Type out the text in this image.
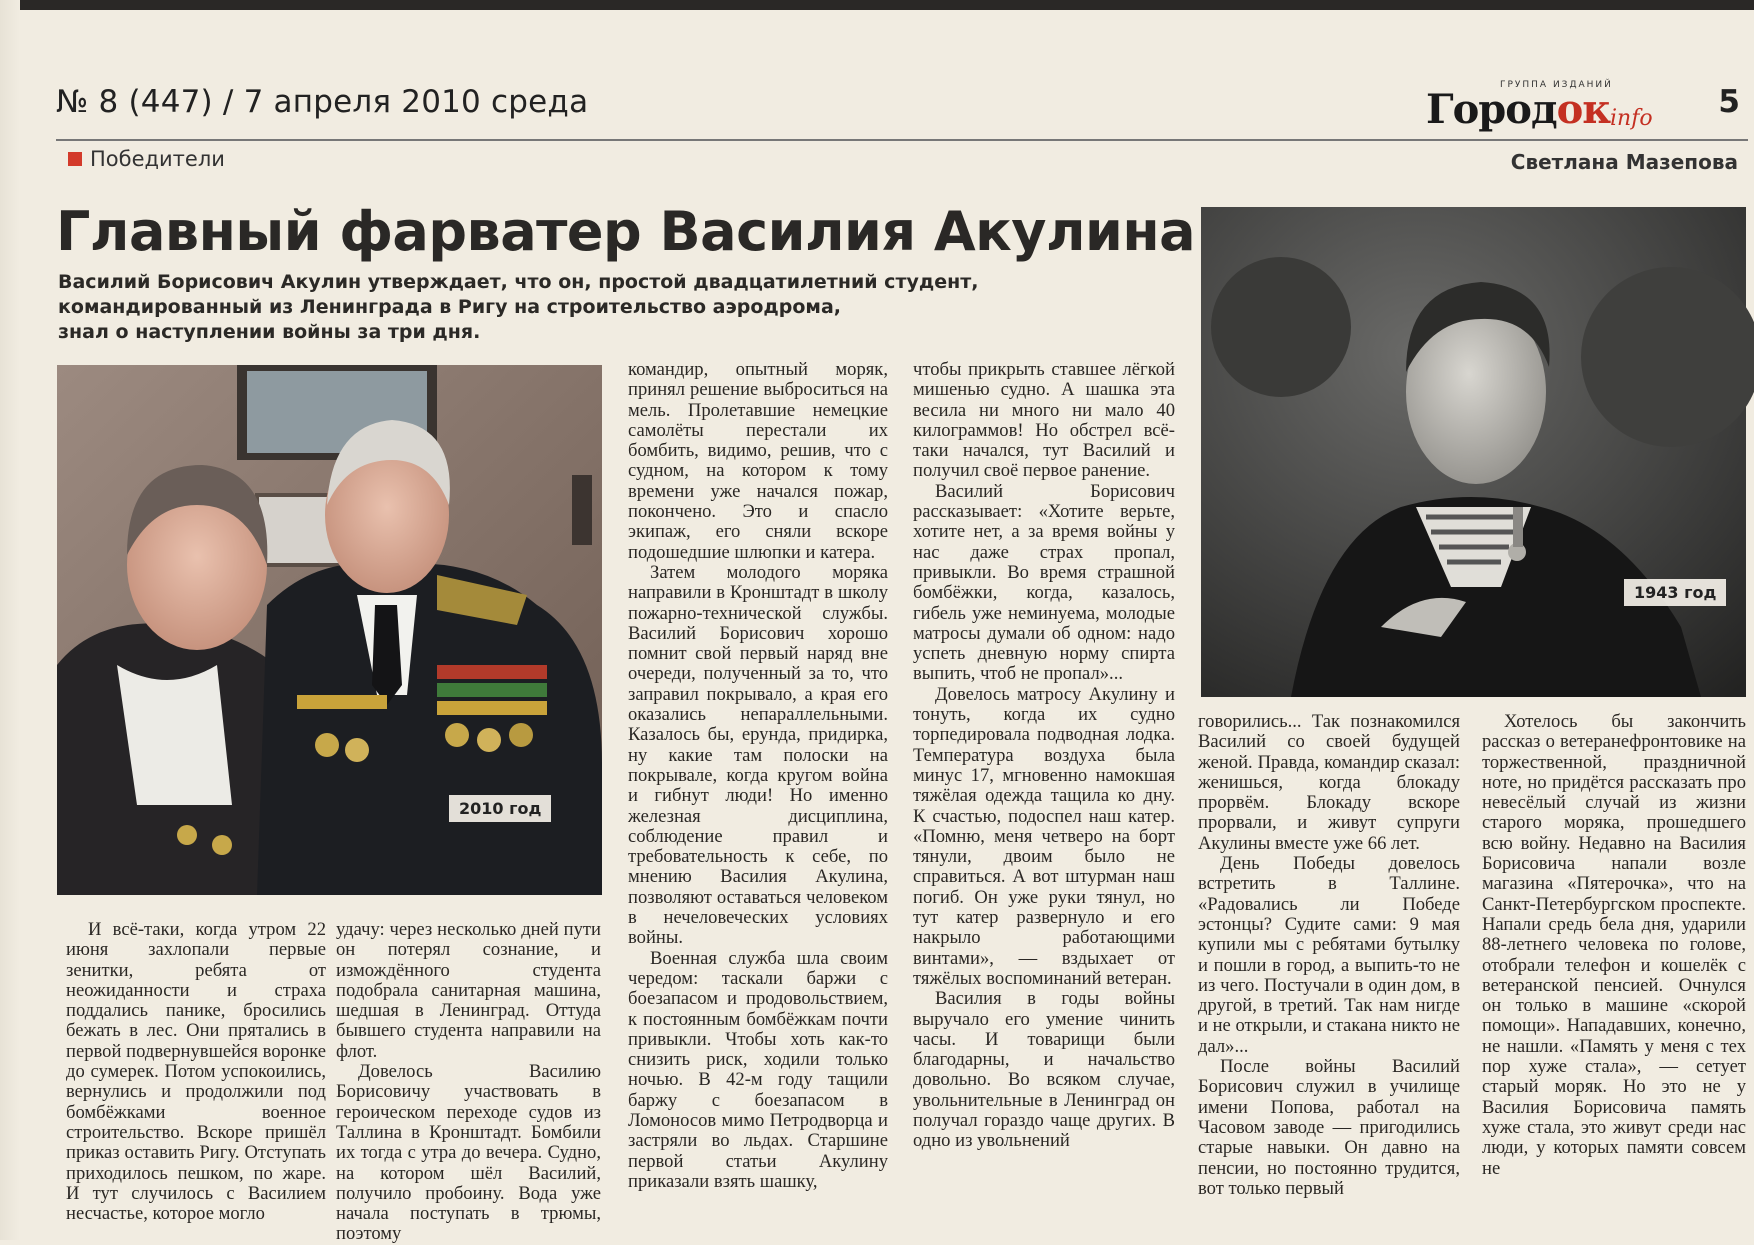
№ 8 (447) / 7 апреля 2010 среда	ГРУППА ИЗДАНИЙ
Городок info 5
Победители	Светлана Мазепова
Главный фарватер Василия Акулина
Василий Борисович Акулин утверждает, что он, простой двадцатилетний студент,
командированный из Ленинграда в Ригу на строительство аэродрома,
знал о наступлении войны за три дня.
2010 год
1943 год

И всё-таки, когда утром 22 июня захлопали первые зенитки, ребята от неожиданности и страха поддались панике, бросились бежать в лес. Они прятались в первой подвернувшейся воронке до сумерек. Потом успокоились, вернулись и продолжили под бомбёжками военное строительство. Вскоре пришёл приказ оставить Ригу. Отступать приходилось пешком, по жаре. И тут случилось с Василием несчастье, которое могло

удачу: через несколько дней пути он потерял сознание, и измождённого студента подобрала санитарная машина, шедшая в Ленинград. Оттуда бывшего студента направили на флот.

Довелось Василию Борисовичу участвовать в героическом переходе судов из Таллина в Кронштадт. Бомбили их тогда с утра до вечера. Судно, на котором шёл Василий, получило пробоину. Вода уже начала поступать в трюмы, поэтому

командир, опытный моряк, принял решение выброситься на мель. Пролетавшие немецкие самолёты перестали их бомбить, видимо, решив, что с судном, на котором к тому времени уже начался пожар, покончено. Это и спасло экипаж, его сняли вскоре подошедшие шлюпки и катера.

Затем молодого моряка направили в Кронштадт в школу пожарно-технической службы. Василий Борисович хорошо помнит свой первый наряд вне очереди, полученный за то, что заправил покрывало, а края его оказались непараллельными. Казалось бы, ерунда, придирка, ну какие там полоски на покрывале, когда кругом война и гибнут люди! Но именно железная дисциплина, соблюдение правил и требовательность к себе, по мнению Василия Акулина, позволяют оставаться человеком в нечеловеческих условиях войны.

Военная служба шла своим чередом: таскали баржи с боезапасом и продовольствием, к постоянным бомбёжкам почти привыкли. Чтобы хоть как-то снизить риск, ходили только ночью. В 42-м году тащили баржу с боезапасом в Ломоносов мимо Петродворца и застряли во льдах. Старшине первой статьи Акулину приказали взять шашку,

чтобы прикрыть ставшее лёгкой мишенью судно. А шашка эта весила ни много ни мало 40 килограммов! Но обстрел всё-таки начался, тут Василий и получил своё первое ранение.

Василий Борисович рассказывает: «Хотите верьте, хотите нет, а за время войны у нас даже страх пропал, привыкли. Во время страшной бомбёжки, когда, казалось, гибель уже неминуема, молодые матросы думали об одном: надо успеть дневную норму спирта выпить, чтоб не пропал»...

Довелось матросу Акулину и тонуть, когда их судно торпедировала подводная лодка. Температура воздуха была минус 17, мгновенно намокшая тяжёлая одежда тащила ко дну. К счастью, подоспел наш катер. «Помню, меня четверо на борт тянули, двоим было не справиться. А вот штурман наш погиб. Он уже руки тянул, но тут катер развернуло и его накрыло работающими винтами», — вздыхает от тяжёлых воспоминаний ветеран.

Василия в годы войны выручало его умение чинить часы. И товарищи были благодарны, и начальство довольно. Во всяком случае, увольнительные в Ленинград он получал гораздо чаще других. В одно из увольнений

говорились... Так познакомился Василий со своей будущей женой. Правда, командир сказал: женишься, когда блокаду прорвём. Блокаду вскоре прорвали, и живут супруги Акулины вместе уже 66 лет.

День Победы довелось встретить в Таллине. «Радовались ли Победе эстонцы? Судите сами: 9 мая купили мы с ребятами бутылку и пошли в город, а выпить-то не из чего. Постучали в один дом, в другой, в третий. Так нам нигде и не открыли, и стакана никто не дал»...

После войны Василий Борисович служил в училище имени Попова, работал на Часовом заводе — пригодились старые навыки. Он давно на пенсии, но постоянно трудится, вот только первый

Хотелось бы закончить рассказ о ветеранефронтовике на торжественной, праздничной ноте, но придётся рассказать про невесёлый случай из жизни старого моряка, прошедшего всю войну. Недавно на Василия Борисовича напали возле магазина «Пятерочка», что на Санкт-Петербургском проспекте. Напали средь бела дня, ударили 88-летнего человека по голове, отобрали телефон и кошелёк с ветеранской пенсией. Очнулся он только в машине «скорой помощи». Нападавших, конечно, не нашли. «Память у меня с тех пор хуже стала», — сетует старый моряк. Но это не у Василия Борисовича память хуже стала, это живут среди нас люди, у которых памяти совсем не
